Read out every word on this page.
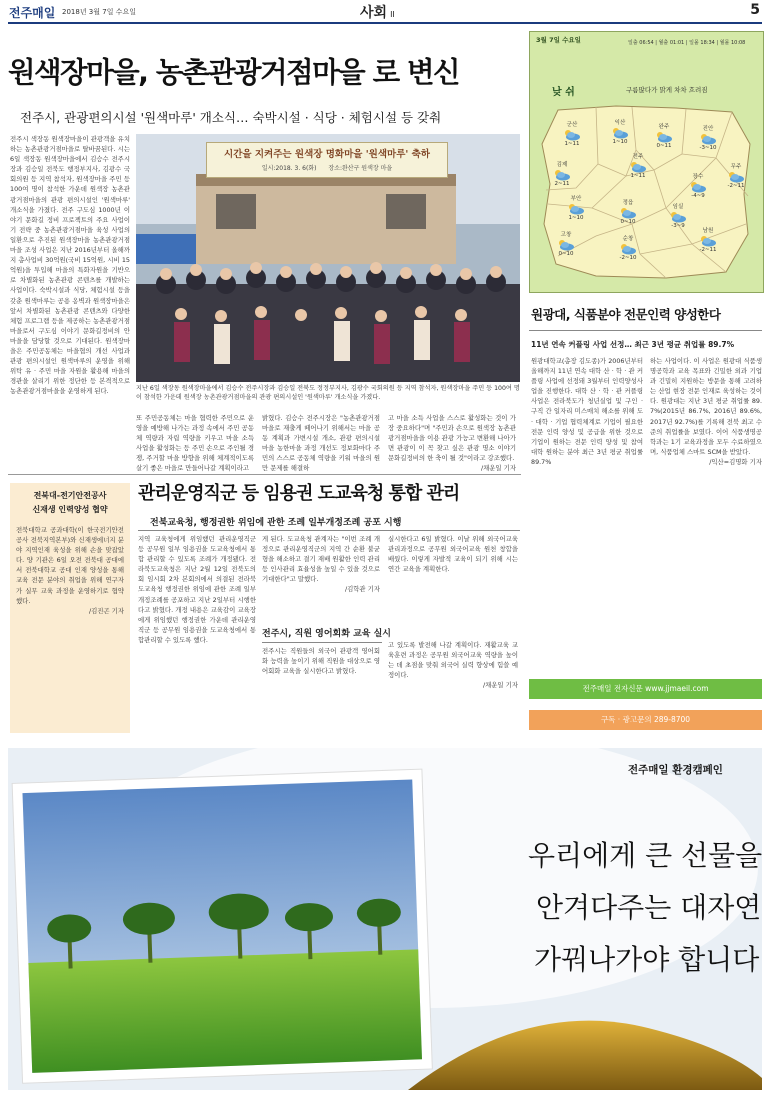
전주매일 2018년 3월 7일 수요일	사회 II	5
원색장마을, 농촌관광거점마을 로 변신
전주시, 관광편의시설 '원색마루' 개소식… 숙박시설 · 식당 · 체험시설 등 갖춰
시간을 지켜주는 원색장 명화마을 '원색마루' 축하
일시:2018. 3. 6(화) 장소:완산구 원색장 마을
지난 6일 색장동 원색장마을에서 김승수 전주시장과 김승일 전북도 정정부지사, 김광수 국회의원 등 지역 참석자, 원색장마을 주민 등 100여 명이 참석한 가운데 원색장 농촌관광거점마을의 관광 편의시설인 '원색마루' 개소식을 가졌다.
전주시 색장동 원색장마을이 관광객을 유치하는 농촌관광거점마을로 탈바꿈된다. 시는 6일 색장동 원색장마을에서 김승수 전주시장과 김승일 전북도 행정부지사, 김광수 국회의원 등 지역 참석자, 원색장마을 주민 등 100여 명이 참석한 가운데 원색장 농촌관광거점마을의 관광 편의시설인 '원색마루' 개소식을 가졌다. 전주 구도심 1000년 이야기 문화길 정비 프로젝트의 주요 사업이기 전략 중 농촌관광거점마을 육성 사업의 일환으로 추진된 원색장마을 농촌관광거점마을 조성 사업은 지난 2016년부터 올해까지 총사업비 30억원(국비 15억원, 시비 15억원)을 투입해 마을의 특화자원을 기반으로 차별화된 농촌관광 콘텐츠를 개발하는 사업이다. 숙박시설과 식당, 체험시설 등을 갖춘 원색마루는 공용 옹벽과 원색장마을은 앞서 차별화된 농촌관광 콘텐츠와 다양한 체험 프로그램 등을 제공하는 농촌관광거점마을로서 구도심 이야기 문화길정비의 안 마을을 담당할 것으로 기대된다. 원색장마을은 주민공동체는 마을협의 개선 사업과 관광 편의시설인 원색마루의 운영을 위해 위탁 유 · 주민 마을 자원을 활용해 마을의 경관을 살리기 위한 정단한 등 본격적으로 농촌관광거점마을을 운영하게 된다.
또 주민공동체는 마을 협력한 주민으로 운영을 예방해 나가는 과정 속에서 주민 공동체 역량과 자립 역량을 키우고 마을 소득 사업을 활성화는 등 주민 손으로 주인될 경쟁, 주거할 마을 방향을 위해 체계적이도록 살기 좋은 마을로 만들어나갈 계획이라고
밝혔다. 김승수 전주시장은 "농촌관광거점마을로 재출게 떼어나기 위해서는 마을 공동 계획과 가변시설 개소, 관광 편의시설 마을 농한마을 과정 개선도 정보화마다 주민의 스스로 공동체 역량을 키워 마을의 원만 문제를 해결하
고 마을 소득 사업을 스스로 활성화는 것이 가장 중요하다"며 "주민과 손으로 원색장 농촌관광거점마을을 이용 관광 가능고 변환해 나아가면 관광이 이 꼭 찾고 싶은 관광 명소 이야기 문화길정비의 한 축이 될 것"이라고 강조했다.
/채운일 기자
전북대-전기안전공사
신재생 인력양성 협약
전북대학교 공과대학(이 한국전기안전공사 전북지역본부)와 신재생에너지 분야 지역인재 육성을 위해 손을 맞잡았다. 양 기관은 6일 오전 전북대 공대에서 전북대학교 공대 인재 양성을 통해 교육 전문 분야의 취업을 위해 연구자가 실무 교육 과정을 운영하기로 협약했다.
/김진곤 기자
관리운영직군 등 임용권 도교육청 통합 관리
전북교육청, 행정권한 위임에 관한 조례 일부개정조례 공포 시행
지역 교육청에게 위임했던 관리운영직군 등 공무원 일부 임용권을 도교육청에서 통합 관리할 수 있도록 조례가 개정됐다. 전라북도교육청은 지난 2월 12일 전북도의회 임시회 2차 본회의에서 의결된 전라북도교육청 행정권한 위임에 관한 조례 일부개정조례를 공포하고 지난 2일부터 시행한다고 밝혔다. 개정 내용은 교육감이 교육장에게 위임했던 행정권한 가운데 관리운영직군 등 공무원 임용권을 도교육청에서 통합관리할 수 있도록 했다.
게 된다. 도교육청 관계자는 "이번 조례 개정으로 관리운영직군의 지역 간 순환 불균형을 해소하고 결기 재배 원활한 인력 관리 등 인사관리 효율성을 높일 수 있을 것으로 기대한다"고 말했다.
/김학관 기자
전주시, 직원 영어회화 교육 실시
전주시는 직원들의 외국어 관광객 영어회화 능력을 높이기 위해 직원을 대상으로 영어회화 교육을 실시한다고 밝혔다.
실시한다고 6일 밝혔다. 이날 위해 외국어교육 관리과정으로 공무원 외국어교육 원천 창합을 배웠다. 이렇게 자발적 교육이 되기 위해 시는 연간 교육을 계획한다.
고 있도록 발전해 나갈 계획이다. 재활교육 교육훈련 과정은 공무원 외국어교육 역량을 높이는 데 초점을 맞춰 외국어 실력 향상에 힘쓸 예정이다.
/채운일 기자
3월 7일 수요일	일출 06:54 | 월출 01:01 | 일몰 18:34 | 월몰 10:08
낮 쉬	구름많다가 맑게 차차 흐려짐
군산
1~11
익산
1~10
완주
0~11
진안
-3~10
무주
-2~11
김제
2~11
전주
1~11	장수
-4~9
부안
1~10
정읍
0~10
임실
-3~9
고창
0~10
순창
-2~10
남원
-2~11
원광대, 식품분야 전문인력 양성한다
11년 연속 커플링 사업 선정… 최근 3년 평균 취업률 89.7%
원광대학교(총장 김도종)가 2006년부터 올해까지 11년 연속 대학 산 · 학 · 관 커플링 사업에 선정돼 3월부터 인력양성사업을 진행한다. 대학 산 · 학 · 관 커플링 사업은 전라북도가 청년실업 및 구인 · 구직 간 일자리 미스매치 해소를 위해 도 · 대학 · 기업 협력체계로 기업이 필요한 전문 인력 양성 및 공급을 위한 것으로 기업이 원하는 전문 인력 양성 및 참여 대학 원하는 분야 최근 3년 평균 취업률 89.7%
하는 사업이다. 이 사업은 원광대 식품생명공학과 교육 목표와 긴밀한 외과 기업과 긴밀히 지원하는 방문을 통해 고려하는 산업 현장 전문 인재로 육성하는 것이다. 원광대는 지난 3년 평균 취업률 89.7%(2015년 86.7%, 2016년 89.6%, 2017년 92.7%)를 기록해 전북 최고 수준의 취업률을 보였다. 이어 식품생명공학과는 1기 교육과정을 모두 수료하였으며, 식품업체 스마트 SCM을 받았다.
/익산=김명화 기자
전주매일 전자신문 www.jjmaeil.com
구독 · 광고문의 289-8700
전주매일 환경캠페인
우리에게 큰 선물을
안겨다주는 대자연
가꿔나가야 합니다
